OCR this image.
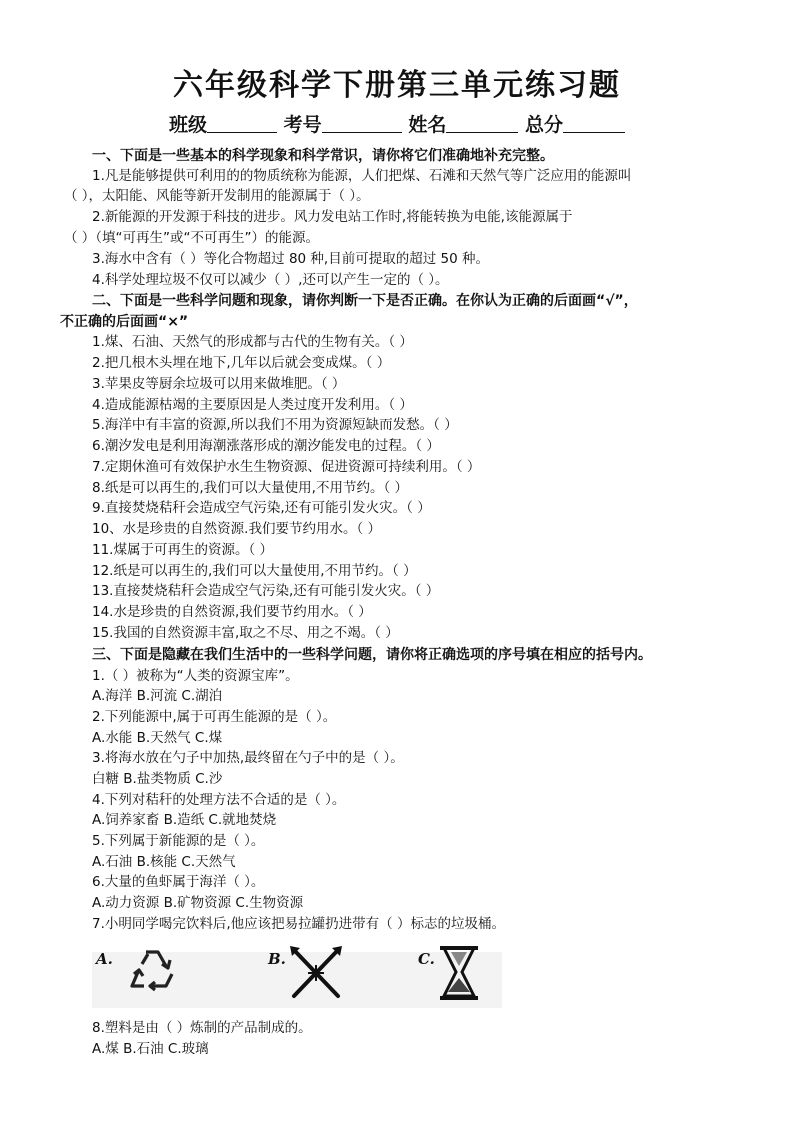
六年级科学下册第三单元练习题
班级	考号	姓名	总分
一、下面是一些基本的科学现象和科学常识，请你将它们准确地补充完整。
1.凡是能够提供可利用的的物质统称为能源，人们把煤、石滩和天然气等广泛应用的能源叫
（ ），太阳能、风能等新开发制用的能源属于（ ）。
2.新能源的开发源于科技的进步。风力发电站工作时,将能转换为电能,该能源属于
（ ）（填“可再生”或“不可再生”）的能源。
3.海水中含有（ ）等化合物超过 80 种,目前可提取的超过 50 种。
4.科学处理垃圾不仅可以减少（ ）,还可以产生一定的（ ）。
二、下面是一些科学问题和现象，请你判断一下是否正确。在你认为正确的后面画“√”，
不正确的后面画“×”
1.煤、石油、天然气的形成都与古代的生物有关。（ ）
2.把几根木头埋在地下,几年以后就会变成煤。（ ）
3.苹果皮等厨余垃圾可以用来做堆肥。（ ）
4.造成能源枯竭的主要原因是人类过度开发利用。（ ）
5.海洋中有丰富的资源,所以我们不用为资源短缺而发愁。（ ）
6.潮汐发电是利用海潮涨落形成的潮汐能发电的过程。（ ）
7.定期休渔可有效保护水生生物资源、促进资源可持续利用。（ ）
8.纸是可以再生的,我们可以大量使用,不用节约。（ ）
9.直接焚烧秸秆会造成空气污染,还有可能引发火灾。（ ）
10、水是珍贵的自然资源.我们要节约用水。（ ）
11.煤属于可再生的资源。（ ）
12.纸是可以再生的,我们可以大量使用,不用节约。（ ）
13.直接焚烧秸秆会造成空气污染,还有可能引发火灾。（ ）
14.水是珍贵的自然资源,我们要节约用水。（ ）
15.我国的自然资源丰富,取之不尽、用之不竭。（ ）
三、下面是隐藏在我们生活中的一些科学问题，请你将正确选项的序号填在相应的括号内。
1.（ ）被称为“人类的资源宝库”。
A.海洋 B.河流 C.湖泊
2.下列能源中,属于可再生能源的是（ ）。
A.水能 B.天然气 C.煤
3.将海水放在勺子中加热,最终留在勺子中的是（ ）。
白糖 B.盐类物质 C.沙
4.下列对秸秆的处理方法不合适的是（ ）。
A.饲养家畜 B.造纸 C.就地焚烧
5.下列属于新能源的是（ ）。
A.石油 B.核能 C.天然气
6.大量的鱼虾属于海洋（ ）。
A.动力资源 B.矿物资源 C.生物资源
7.小明同学喝完饮料后,他应该把易拉罐扔进带有（ ）标志的垃圾桶。
A.	B.	C.
8.塑料是由（ ）炼制的产品制成的。
A.煤 B.石油 C.玻璃
